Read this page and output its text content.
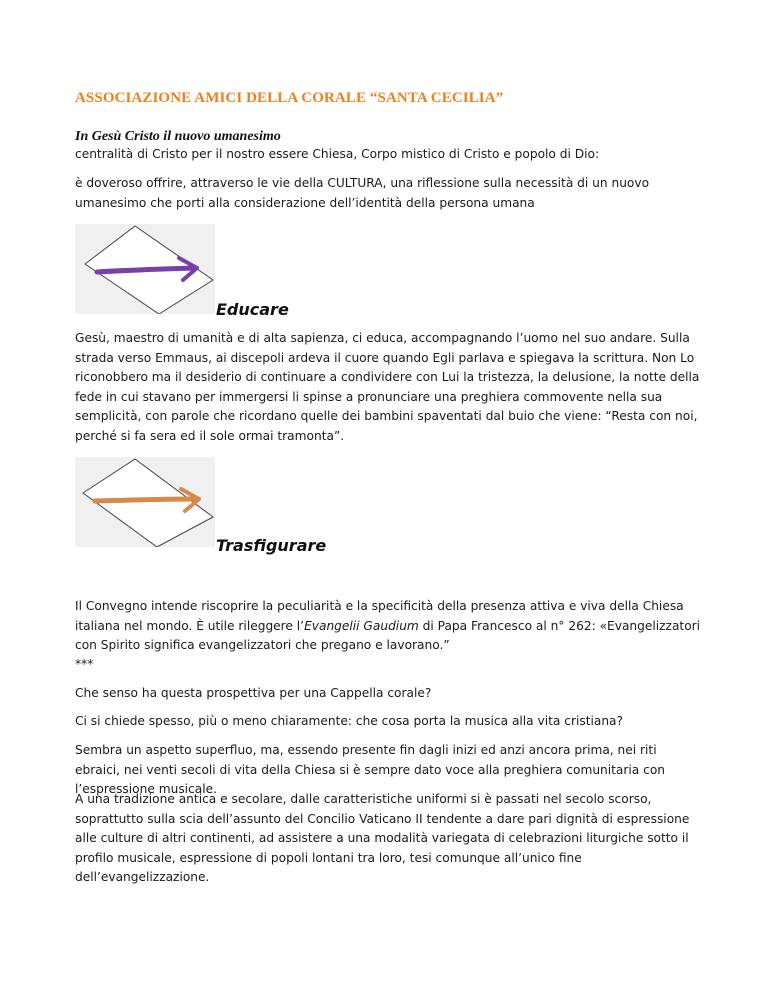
ASSOCIAZIONE AMICI DELLA CORALE “SANTA CECILIA”
In Gesù Cristo il nuovo umanesimo

centralità di Cristo per il nostro essere Chiesa, Corpo mistico di Cristo e popolo di Dio:

è doveroso offrire, attraverso le vie della CULTURA, una riflessione sulla necessità di un nuovo umanesimo che porti alla considerazione dell’identità della persona umana

Educare

Gesù, maestro di umanità e di alta sapienza, ci educa, accompagnando l’uomo nel suo andare. Sulla strada verso Emmaus, ai discepoli ardeva il cuore quando Egli parlava e spiegava la scrittura. Non Lo riconobbero ma il desiderio di continuare a condividere con Lui la tristezza, la delusione, la notte della fede in cui stavano per immergersi li spinse a pronunciare una preghiera commovente nella sua semplicità, con parole che ricordano quelle dei bambini spaventati dal buio che viene: “Resta con noi, perché si fa sera ed il sole ormai tramonta”.

Trasfigurare

Il Convegno intende riscoprire la peculiarità e la specificità della presenza attiva e viva della Chiesa italiana nel mondo. È utile rileggere l’Evangelii Gaudium di Papa Francesco al n° 262: «Evangelizzatori con Spirito significa evangelizzatori che pregano e lavorano.”

***

Che senso ha questa prospettiva per una Cappella corale?

Ci si chiede spesso, più o meno chiaramente: che cosa porta la musica alla vita cristiana?

Sembra un aspetto superfluo, ma, essendo presente fin dagli inizi ed anzi ancora prima, nei riti ebraici, nei venti secoli di vita della Chiesa si è sempre dato voce alla preghiera comunitaria con l’espressione musicale.

A una tradizione antica e secolare, dalle caratteristiche uniformi si è passati nel secolo scorso, soprattutto sulla scia dell’assunto del Concilio Vaticano II tendente a dare pari dignità di espressione alle culture di altri continenti, ad assistere a una modalità variegata di celebrazioni liturgiche sotto il profilo musicale, espressione di popoli lontani tra loro, tesi comunque all’unico fine dell’evangelizzazione.
